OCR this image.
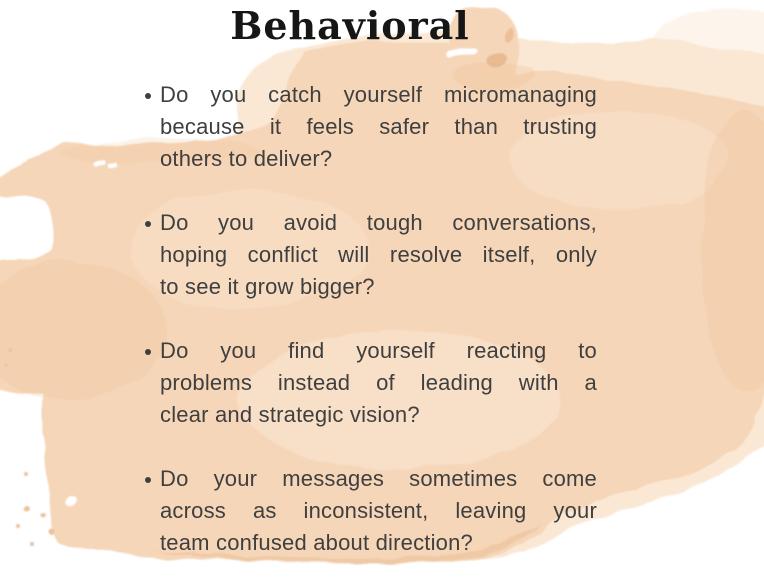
Behavioral
Do you catch yourself micromanaging
because it feels safer than trusting
others to deliver?
Do you avoid tough conversations,
hoping conflict will resolve itself, only
to see it grow bigger?
Do you find yourself reacting to
problems instead of leading with a
clear and strategic vision?
Do your messages sometimes come
across as inconsistent, leaving your
team confused about direction?
